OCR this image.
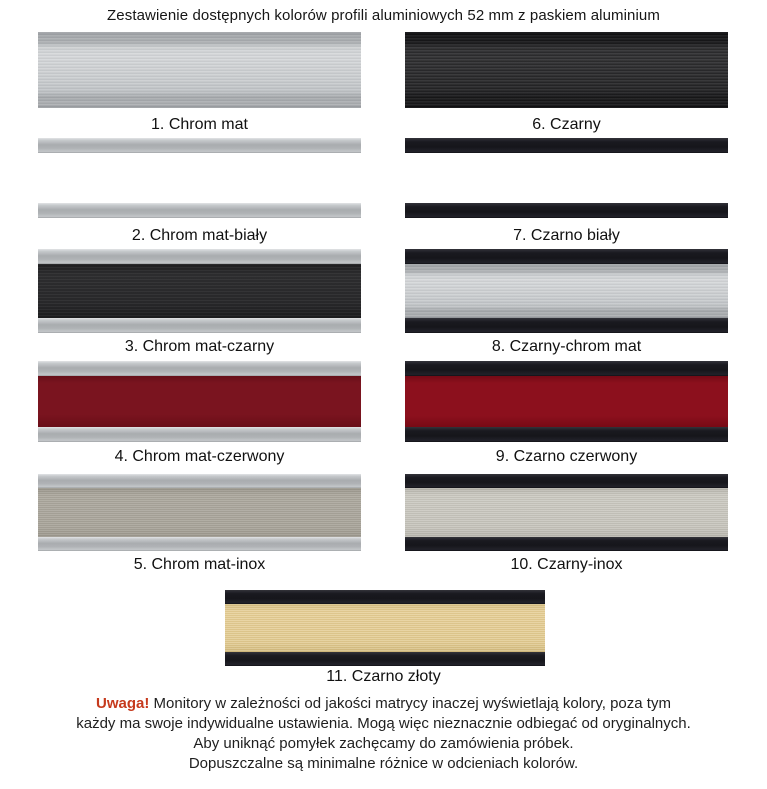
Zestawienie dostępnych kolorów profili aluminiowych 52 mm z paskiem aluminium
1. Chrom mat	6. Czarny
2. Chrom mat-biały	7. Czarno biały
3. Chrom mat-czarny	8. Czarny-chrom mat
4. Chrom mat-czerwony	9. Czarno czerwony
5. Chrom mat-inox	10. Czarny-inox
11. Czarno złoty
Uwaga! Monitory w zależności od jakości matrycy inaczej wyświetlają kolory, poza tym
każdy ma swoje indywidualne ustawienia. Mogą więc nieznacznie odbiegać od oryginalnych.
Aby uniknąć pomyłek zachęcamy do zamówienia próbek.
Dopuszczalne są minimalne różnice w odcieniach kolorów.
